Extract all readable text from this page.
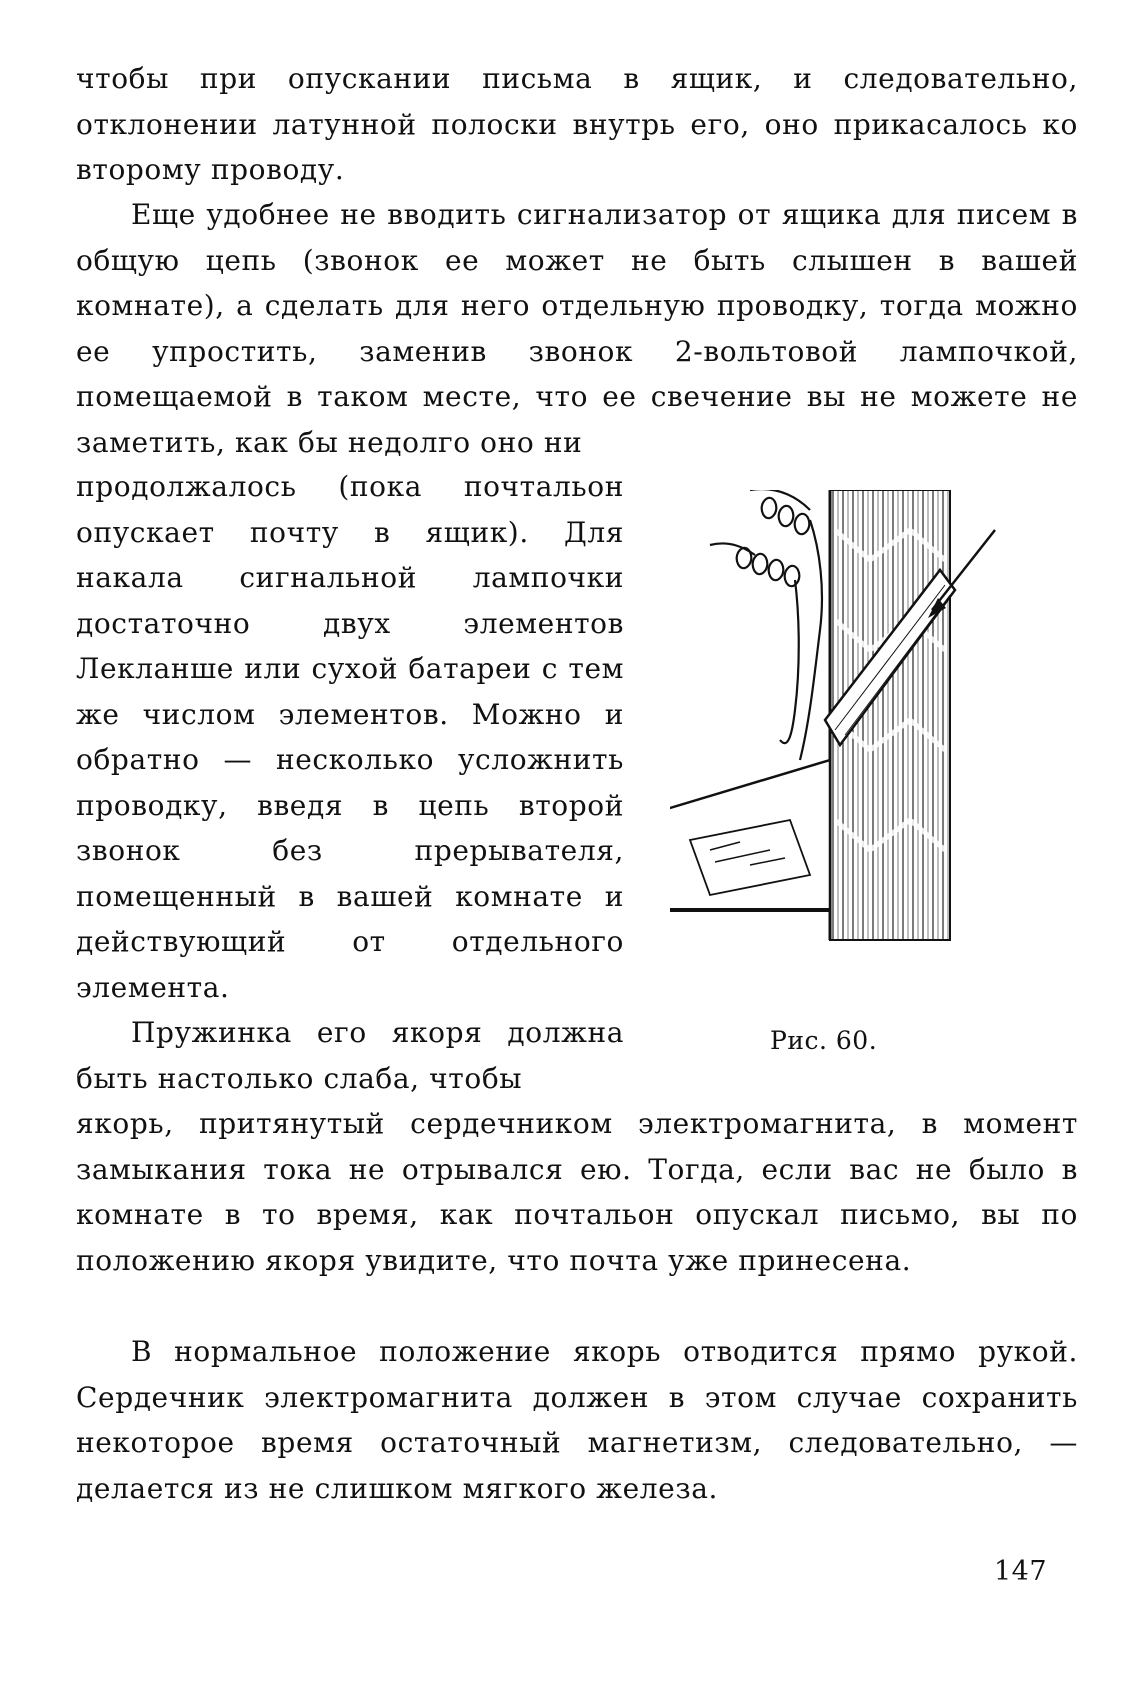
чтобы при опускании письма в ящик, и следовательно, отклонении латунной полоски внутрь его, оно прикасалось ко второму проводу.

Еще удобнее не вводить сигнализатор от ящика для писем в общую цепь (звонок ее может не быть слышен в вашей комнате), а сделать для него отдельную проводку, тогда можно ее упростить, заменив звонок 2-вольтовой лампочкой, помещаемой в таком месте, что ее свечение вы не можете не заметить, как бы недолго оно ни

продолжалось (пока почтальон опускает почту в ящик). Для накала сигнальной лампочки достаточно двух элементов Лекланше или сухой батареи с тем же числом элементов. Можно и обратно — несколько усложнить проводку, введя в цепь второй звонок без прерывателя, помещенный в вашей комнате и действующий от отдельного элемента.

Пружинка его якоря должна быть настолько слаба, чтобы

якорь, притянутый сердечником электромагнита, в момент замыкания тока не отрывался ею. Тогда, если вас не было в комнате в то время, как почтальон опускал письмо, вы по положению якоря увидите, что почта уже принесена.

В нормальное положение якорь отводится прямо рукой. Сердечник электромагнита должен в этом случае сохранить некоторое время остаточный магнетизм, следовательно, — делается из не слишком мягкого железа.

Рис. 60.

147
